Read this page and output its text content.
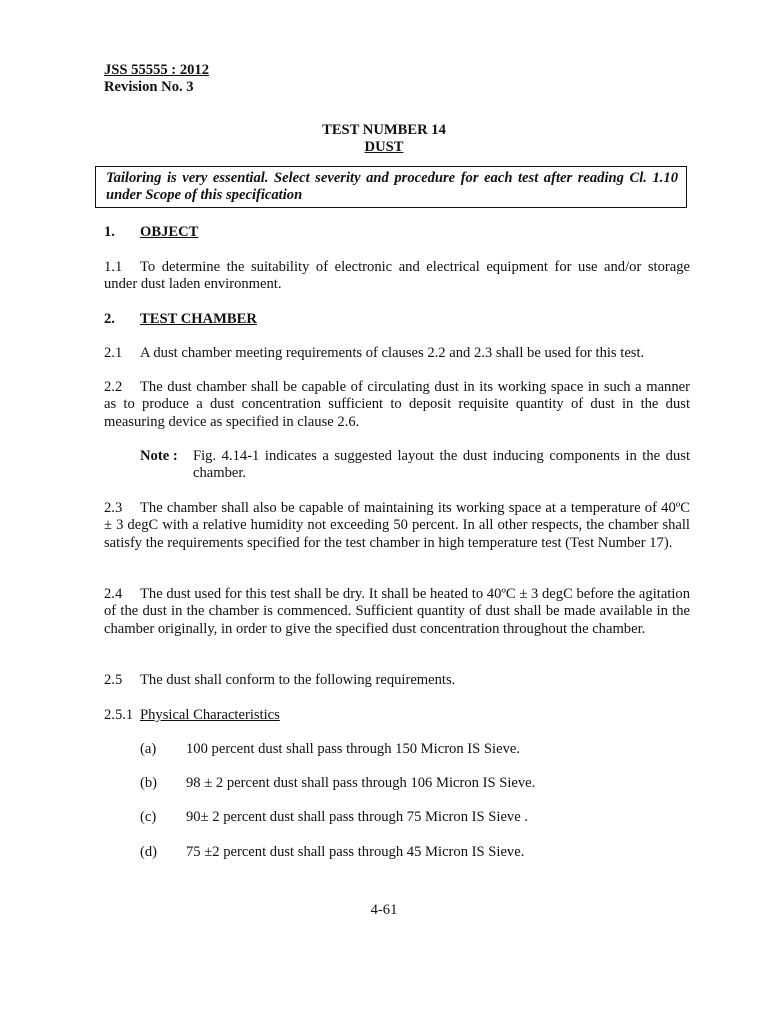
JSS 55555 : 2012
Revision No. 3
TEST NUMBER 14
DUST
Tailoring is very essential. Select severity and procedure for each test after reading Cl. 1.10 under Scope of this specification
1. OBJECT
1.1 To determine the suitability of electronic and electrical equipment for use and/or storage under dust laden environment.
2. TEST CHAMBER
2.1 A dust chamber meeting requirements of clauses 2.2 and 2.3 shall be used for this test.
2.2 The dust chamber shall be capable of circulating dust in its working space in such a manner as to produce a dust concentration sufficient to deposit requisite quantity of dust in the dust measuring device as specified in clause 2.6.
Note : Fig. 4.14-1 indicates a suggested layout the dust inducing components in the dust chamber.
2.3 The chamber shall also be capable of maintaining its working space at a temperature of 40ºC ± 3 degC with a relative humidity not exceeding 50 percent. In all other respects, the chamber shall satisfy the requirements specified for the test chamber in high temperature test (Test Number 17).
2.4 The dust used for this test shall be dry. It shall be heated to 40ºC ± 3 degC before the agitation of the dust in the chamber is commenced. Sufficient quantity of dust shall be made available in the chamber originally, in order to give the specified dust concentration throughout the chamber.
2.5 The dust shall conform to the following requirements.
2.5.1 Physical Characteristics
(a) 100 percent dust shall pass through 150 Micron IS Sieve.
(b) 98 ± 2 percent dust shall pass through 106 Micron IS Sieve.
(c) 90± 2 percent dust shall pass through 75 Micron IS Sieve .
(d) 75 ±2 percent dust shall pass through 45 Micron IS Sieve.
4-61
